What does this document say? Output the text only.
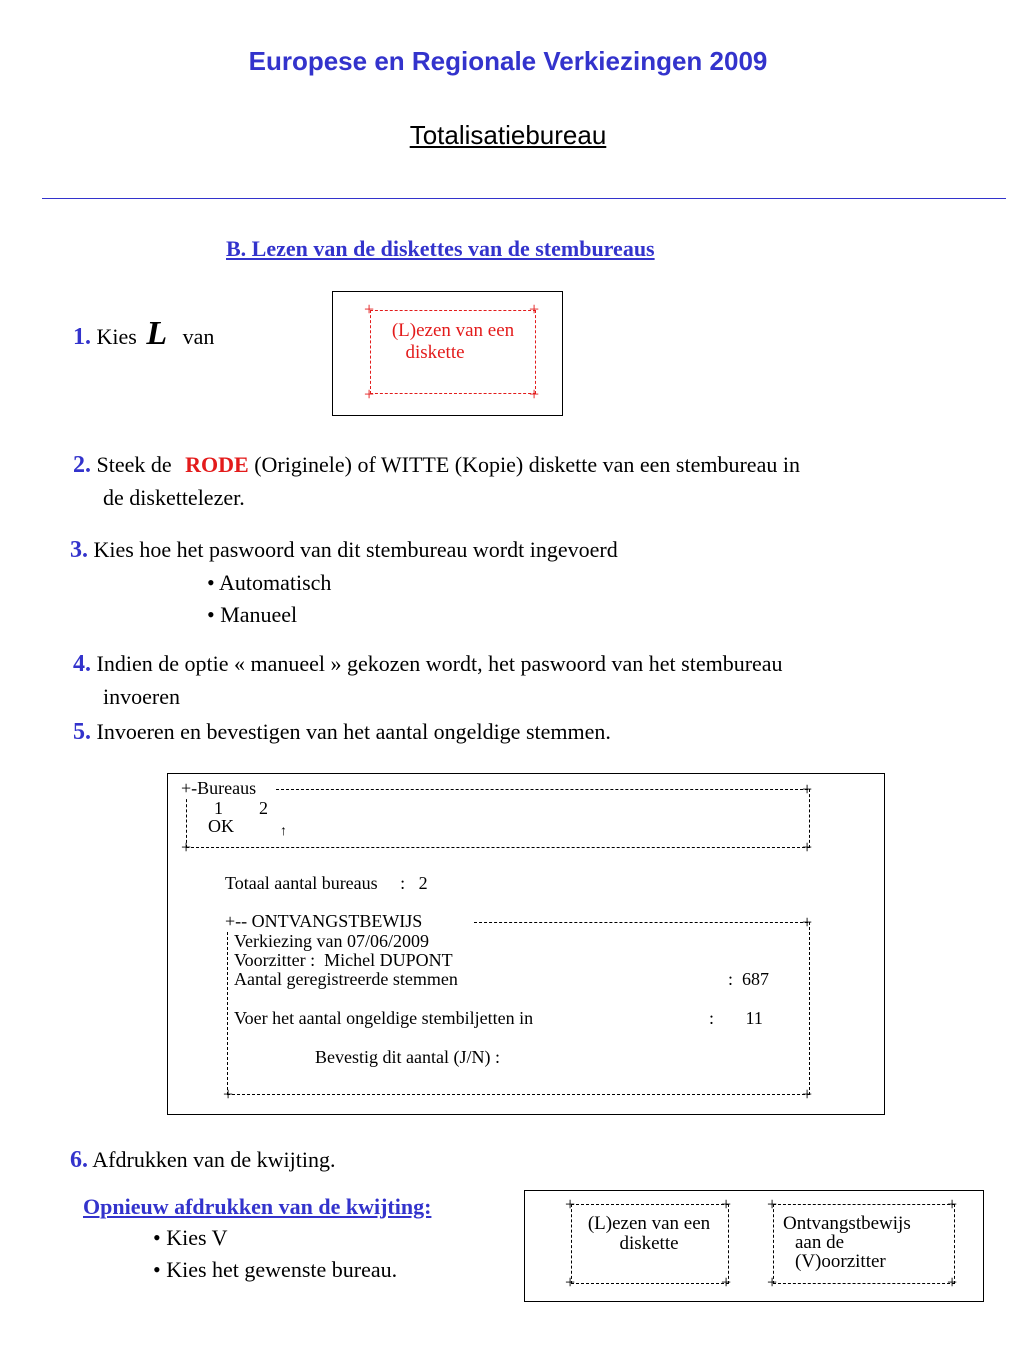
Europese en Regionale Verkiezingen 2009
Totalisatiebureau
B. Lezen van de diskettes van de stembureaus
1. Kies L van
+	+
+	+
(L)ezen van een
diskette
2. Steek de RODE (Originele) of WITTE (Kopie) diskette van een stembureau in
de diskettelezer.
3. Kies hoe het paswoord van dit stembureau wordt ingevoerd
• Automatisch
• Manueel
4. Indien de optie « manueel » gekozen wordt, het paswoord van het stembureau
invoeren
5. Invoeren en bevestigen van het aantal ongeldige stemmen.
+-Bureaus	+
+	+
1        2
OK	↑
Totaal aantal bureaus     :   2
+-- ONTVANGSTBEWIJS	+
+	+
Verkiezing van 07/06/2009
Voorzitter :  Michel DUPONT
Aantal geregistreerde stemmen	:  687
Voer het aantal ongeldige stembiljetten in	:       11
Bevestig dit aantal (J/N) :
6. Afdrukken van de kwijting.
Opnieuw afdrukken van de kwijting:
• Kies V
• Kies het gewenste bureau.
+	+
+	+
(L)ezen van een
diskette
+	+
+	+
Ontvangstbewijs
aan de
(V)oorzitter
